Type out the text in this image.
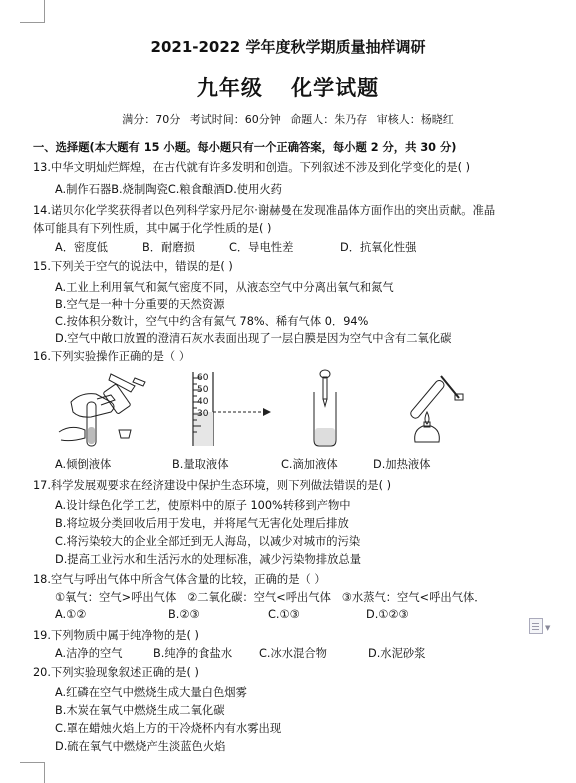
2021-2022 学年度秋学期质量抽样调研
九年级 化学试题
满分：70分 考试时间：60分钟 命题人：朱乃存 审核人：杨晓红
一、选择题(本大题有 15 小题。每小题只有一个正确答案，每小题 2 分，共 30 分)
13.中华文明灿烂辉煌，在古代就有许多发明和创造。下列叙述不涉及到化学变化的是( )
A.制作石器B.烧制陶瓷C.粮食酿酒D.使用火药
14.诺贝尔化学奖获得者以色列科学家丹尼尔·谢赫曼在发现准晶体方面作出的突出贡献。准晶
体可能具有下列性质，其中属于化学性质的是( )
A．密度低	B．耐磨损	C．导电性差	D．抗氧化性强
15.下列关于空气的说法中，错误的是( )
A.工业上利用氧气和氮气密度不同，从液态空气中分离出氧气和氮气
B.空气是一种十分重要的天然资源
C.按体积分数计，空气中约含有氮气 78%、稀有气体 0．94%
D.空气中敞口放置的澄清石灰水表面出现了一层白膜是因为空气中含有二氧化碳
16.下列实验操作正确的是（ ）
60
50
40
30
A.倾倒液体	B.量取液体	C.滴加液体	D.加热液体
17.科学发展观要求在经济建设中保护生态环境，则下列做法错误的是( )
A.设计绿色化学工艺，使原料中的原子 100%转移到产物中
B.将垃圾分类回收后用于发电，并将尾气无害化处理后排放
C.将污染较大的企业全部迁到无人海岛，以减少对城市的污染
D.提高工业污水和生活污水的处理标准，减少污染物排放总量
18.空气与呼出气体中所含气体含量的比较，正确的是（ ）
①氧气：空气>呼出气体 ②二氧化碳：空气<呼出气体 ③水蒸气：空气<呼出气体．
A.①②	B.②③	C.①③	D.①②③
19.下列物质中属于纯净物的是( )
A.洁净的空气	B.纯净的食盐水 C.冰水混合物	D.水泥砂浆
20.下列实验现象叙述正确的是( )
A.红磷在空气中燃烧生成大量白色烟雾
B.木炭在氧气中燃烧生成二氧化碳
C.罩在蜡烛火焰上方的干冷烧杯内有水雾出现
D.硫在氧气中燃烧产生淡蓝色火焰
▼
